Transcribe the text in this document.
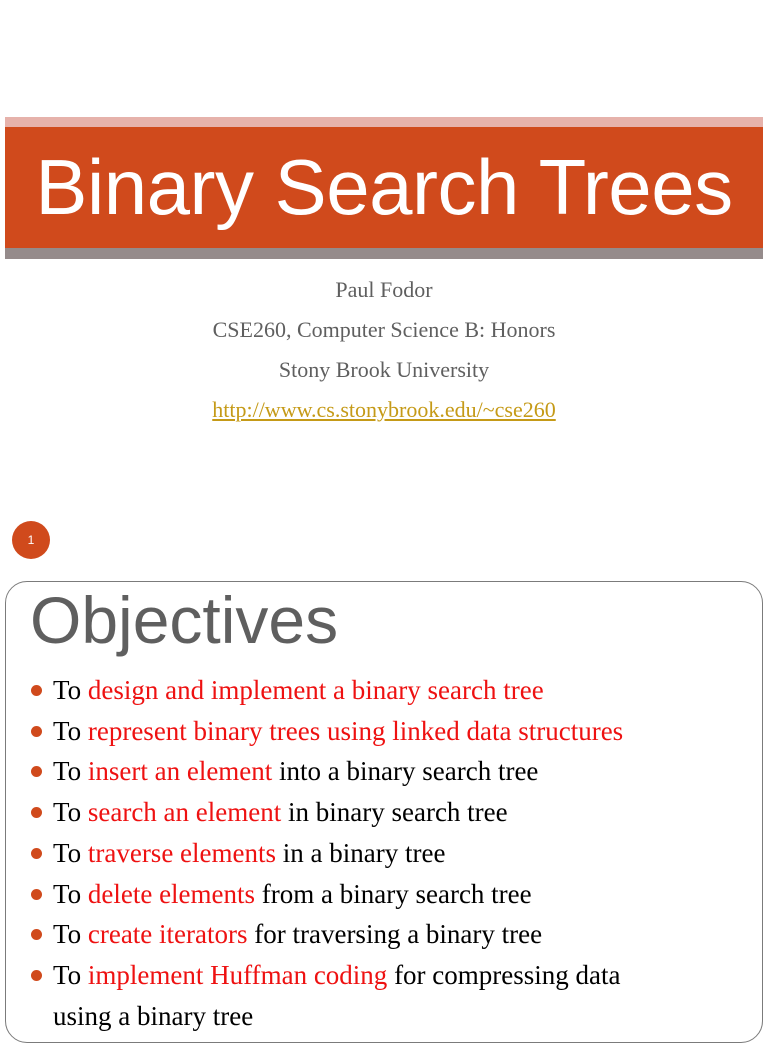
Binary Search Trees
Paul Fodor
CSE260, Computer Science B: Honors
Stony Brook University
http://www.cs.stonybrook.edu/~cse260
1
Objectives
To design and implement a binary search tree
To represent binary trees using linked data structures
To insert an element into a binary search tree
To search an element in binary search tree
To traverse elements in a binary tree
To delete elements from a binary search tree
To create iterators for traversing a binary tree
To implement Huffman coding for compressing data
using a binary tree
